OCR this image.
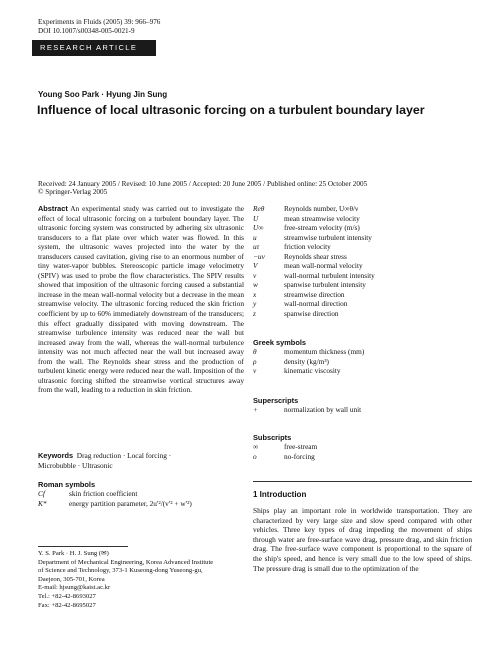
Experiments in Fluids (2005) 39: 966–976
DOI 10.1007/s00348-005-0021-9
RESEARCH ARTICLE
Young Soo Park · Hyung Jin Sung
Influence of local ultrasonic forcing on a turbulent boundary layer
Received: 24 January 2005 / Revised: 10 June 2005 / Accepted: 20 June 2005 / Published online: 25 October 2005
© Springer-Verlag 2005
Abstract An experimental study was carried out to investigate the effect of local ultrasonic forcing on a turbulent boundary layer. The ultrasonic forcing system was constructed by adhering six ultrasonic transducers to a flat plate over which water was flowed. In this system, the ultrasonic waves projected into the water by the transducers caused cavitation, giving rise to an enormous number of tiny water-vapor bubbles. Stereoscopic particle image velocimetry (SPIV) was used to probe the flow characteristics. The SPIV results showed that imposition of the ultrasonic forcing caused a substantial increase in the mean wall-normal velocity but a decrease in the mean streamwise velocity. The ultrasonic forcing reduced the skin friction coefficient by up to 60% immediately downstream of the transducers; this effect gradually dissipated with moving downstream. The streamwise turbulence intensity was reduced near the wall but increased away from the wall, whereas the wall-normal turbulence intensity was not much affected near the wall but increased away from the wall. The Reynolds shear stress and the production of turbulent kinetic energy were reduced near the wall. Imposition of the ultrasonic forcing shifted the streamwise vortical structures away from the wall, leading to a reduction in skin friction.
Keywords Drag reduction · Local forcing ·
Microbubble · Ultrasonic
Roman symbols
Cf	skin friction coefficient
K*	energy partition parameter, 2u′²/(v′² + w′²)
Reθ	Reynolds number, U∞θ/ν
U	mean streamwise velocity
U∞	free-stream velocity (m/s)
u	streamwise turbulent intensity
uτ	friction velocity
−uv	Reynolds shear stress
V	mean wall-normal velocity
v	wall-normal turbulent intensity
w	spanwise turbulent intensity
x	streamwise direction
y	wall-normal direction
z	spanwise direction
Greek symbols
θ	momentum thickness (mm)
ρ	density (kg/m³)
ν	kinematic viscosity
Superscripts
+	normalization by wall unit
Subscripts
∞	free-stream
o	no-forcing
Y. S. Park · H. J. Sung (✉)
Department of Mechanical Engineering, Korea Advanced Institute
of Science and Technology, 373-1 Kuseong-dong Yuseong-gu,
Daejeon, 305-701, Korea
E-mail: hjsung@kaist.ac.kr
Tel.: +82-42-8693027
Fax: +82-42-8695027
1 Introduction

Ships play an important role in worldwide transportation. They are characterized by very large size and slow speed compared with other vehicles. Three key types of drag impeding the movement of ships through water are free-surface wave drag, pressure drag, and skin friction drag. The free-surface wave component is proportional to the square of the ship's speed, and hence is very small due to the low speed of ships. The pressure drag is small due to the optimization of the
